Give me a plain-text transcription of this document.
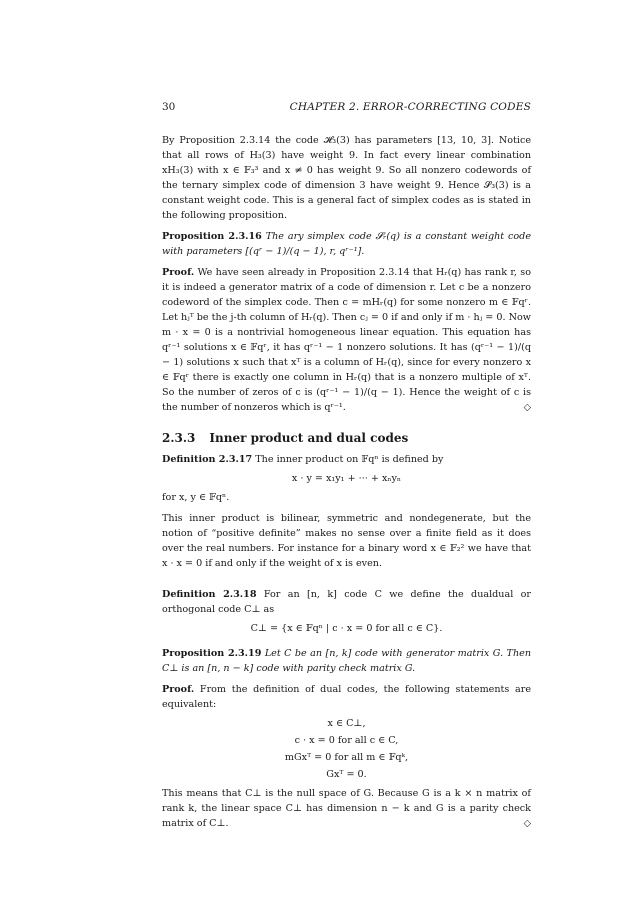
30	CHAPTER 2. ERROR-CORRECTING CODES

By Proposition 2.3.14 the code 𝓗₃(3) has parameters [13, 10, 3]. Notice that all rows of H₃(3) have weight 9. In fact every linear combination xH₃(3) with x ∈ 𝔽₃³ and x ≠ 0 has weight 9. So all nonzero codewords of the ternary simplex code of dimension 3 have weight 9. Hence 𝓢₃(3) is a constant weight code. This is a general fact of simplex codes as is stated in the following proposition.

Proposition 2.3.16 The ary simplex code 𝓢ᵣ(q) is a constant weight code with parameters [(qʳ − 1)/(q − 1), r, qʳ⁻¹].

Proof. We have seen already in Proposition 2.3.14 that Hᵣ(q) has rank r, so it is indeed a generator matrix of a code of dimension r. Let c be a nonzero codeword of the simplex code. Then c = mHᵣ(q) for some nonzero m ∈ 𝔽qʳ. Let hⱼᵀ be the j-th column of Hᵣ(q). Then cⱼ = 0 if and only if m · hⱼ = 0. Now m · x = 0 is a nontrivial homogeneous linear equation. This equation has qʳ⁻¹ solutions x ∈ 𝔽qʳ, it has qʳ⁻¹ − 1 nonzero solutions. It has (qʳ⁻¹ − 1)/(q − 1) solutions x such that xᵀ is a column of Hᵣ(q), since for every nonzero x ∈ 𝔽qʳ there is exactly one column in Hᵣ(q) that is a nonzero multiple of xᵀ. So the number of zeros of c is (qʳ⁻¹ − 1)/(q − 1). Hence the weight of c is the number of nonzeros which is qʳ⁻¹.	◇

2.3.3 Inner product and dual codes

Definition 2.3.17 The inner product on 𝔽qⁿ is defined by

x · y = x₁y₁ + ··· + xₙyₙ

for x, y ∈ 𝔽qⁿ.

This inner product is bilinear, symmetric and nondegenerate, but the notion of “positive definite” makes no sense over a finite field as it does over the real numbers. For instance for a binary word x ∈ 𝔽₂² we have that x · x = 0 if and only if the weight of x is even.

Definition 2.3.18 For an [n, k] code C we define the dualdual or orthogonal code C⊥ as

C⊥ = {x ∈ 𝔽qⁿ | c · x = 0 for all c ∈ C}.

Proposition 2.3.19 Let C be an [n, k] code with generator matrix G. Then C⊥ is an [n, n − k] code with parity check matrix G.

Proof. From the definition of dual codes, the following statements are equivalent:

x ∈ C⊥,
c · x = 0 for all c ∈ C,
mGxᵀ = 0 for all m ∈ 𝔽qᵏ,
Gxᵀ = 0.

This means that C⊥ is the null space of G. Because G is a k × n matrix of rank k, the linear space C⊥ has dimension n − k and G is a parity check matrix of C⊥.	◇
